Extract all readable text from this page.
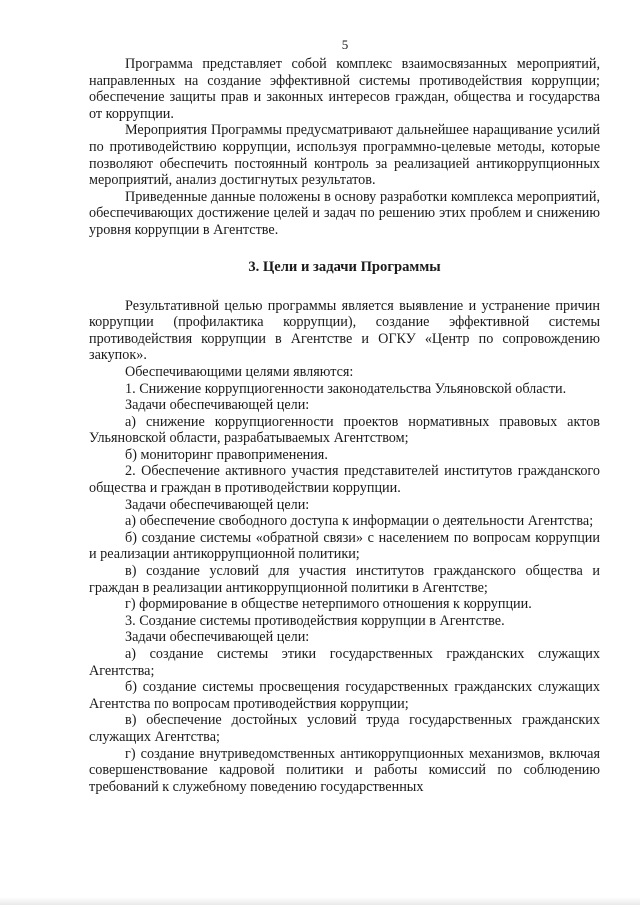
5

Программа представляет собой комплекс взаимосвязанных мероприятий, направленных на создание эффективной системы противодействия коррупции; обеспечение защиты прав и законных интересов граждан, общества и государства от коррупции.

Мероприятия Программы предусматривают дальнейшее наращивание усилий по противодействию коррупции, используя программно-целевые методы, которые позволяют обеспечить постоянный контроль за реализацией антикоррупционных мероприятий, анализ достигнутых результатов.

Приведенные данные положены в основу разработки комплекса мероприятий, обеспечивающих достижение целей и задач по решению этих проблем и снижению уровня коррупции в Агентстве.

3. Цели и задачи Программы

Результативной целью программы является выявление и устранение причин коррупции (профилактика коррупции), создание эффективной системы противодействия коррупции в Агентстве и ОГКУ «Центр по сопровождению закупок».

Обеспечивающими целями являются:

1. Снижение коррупциогенности законодательства Ульяновской области.

Задачи обеспечивающей цели:

а) снижение коррупциогенности проектов нормативных правовых актов Ульяновской области, разрабатываемых Агентством;

б) мониторинг правоприменения.

2. Обеспечение активного участия представителей институтов гражданского общества и граждан в противодействии коррупции.

Задачи обеспечивающей цели:

а) обеспечение свободного доступа к информации о деятельности Агентства;

б) создание системы «обратной связи» с населением по вопросам коррупции и реализации антикоррупционной политики;

в) создание условий для участия институтов гражданского общества и граждан в реализации антикоррупционной политики в Агентстве;

г) формирование в обществе нетерпимого отношения к коррупции.

3. Создание системы противодействия коррупции в Агентстве.

Задачи обеспечивающей цели:

а) создание системы этики государственных гражданских служащих Агентства;

б) создание системы просвещения государственных гражданских служащих Агентства по вопросам противодействия коррупции;

в) обеспечение достойных условий труда государственных гражданских служащих Агентства;

г) создание внутриведомственных антикоррупционных механизмов, включая совершенствование кадровой политики и работы комиссий по соблюдению требований к служебному поведению государственных
